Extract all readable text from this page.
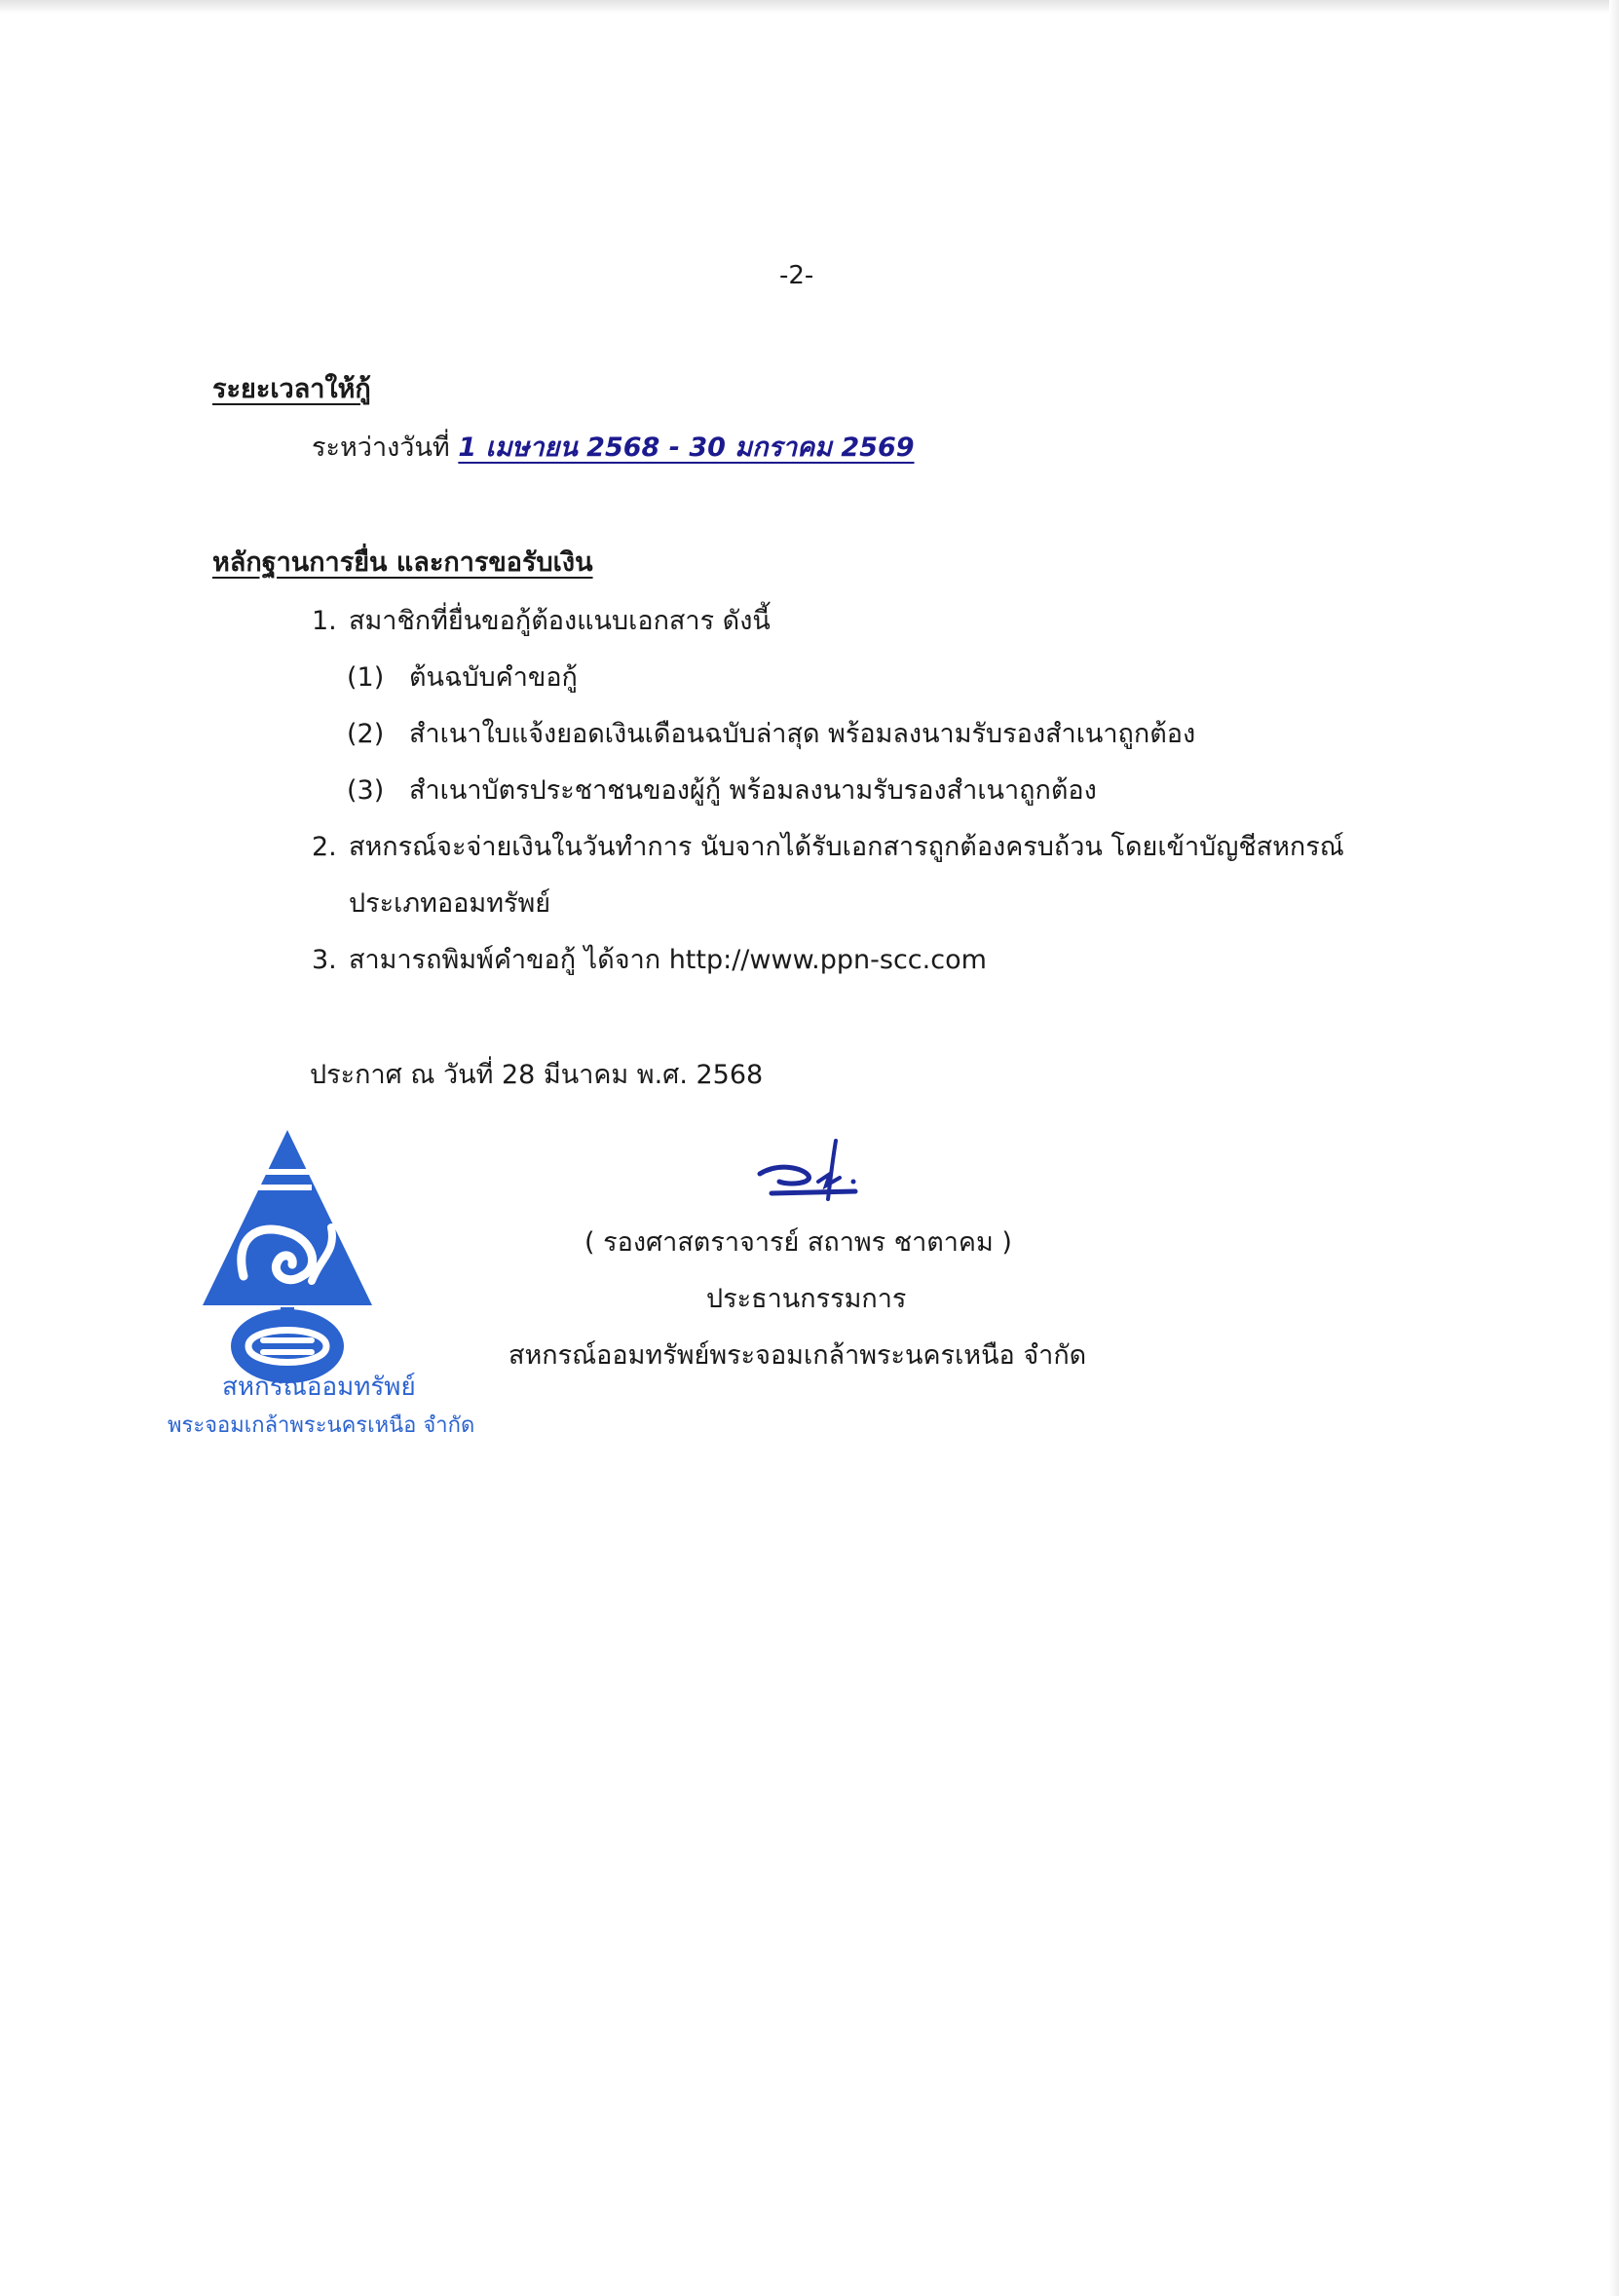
-2-
ระยะเวลาให้กู้
ระหว่างวันที่ 1 เมษายน 2568 - 30 มกราคม 2569
หลักฐานการยื่น และการขอรับเงิน
1. สมาชิกที่ยื่นขอกู้ต้องแนบเอกสาร ดังนี้
(1) ต้นฉบับคำขอกู้
(2) สำเนาใบแจ้งยอดเงินเดือนฉบับล่าสุด พร้อมลงนามรับรองสำเนาถูกต้อง
(3) สำเนาบัตรประชาชนของผู้กู้ พร้อมลงนามรับรองสำเนาถูกต้อง
2. สหกรณ์จะจ่ายเงินในวันทำการ นับจากได้รับเอกสารถูกต้องครบถ้วน โดยเข้าบัญชีสหกรณ์
ประเภทออมทรัพย์
3. สามารถพิมพ์คำขอกู้ ได้จาก http://www.ppn-scc.com
ประกาศ ณ วันที่ 28 มีนาคม พ.ศ. 2568
สหกรณ์ออมทรัพย์
พระจอมเกล้าพระนครเหนือ จำกัด
( รองศาสตราจารย์ สถาพร ชาตาคม )
ประธานกรรมการ
สหกรณ์ออมทรัพย์พระจอมเกล้าพระนครเหนือ จำกัด
